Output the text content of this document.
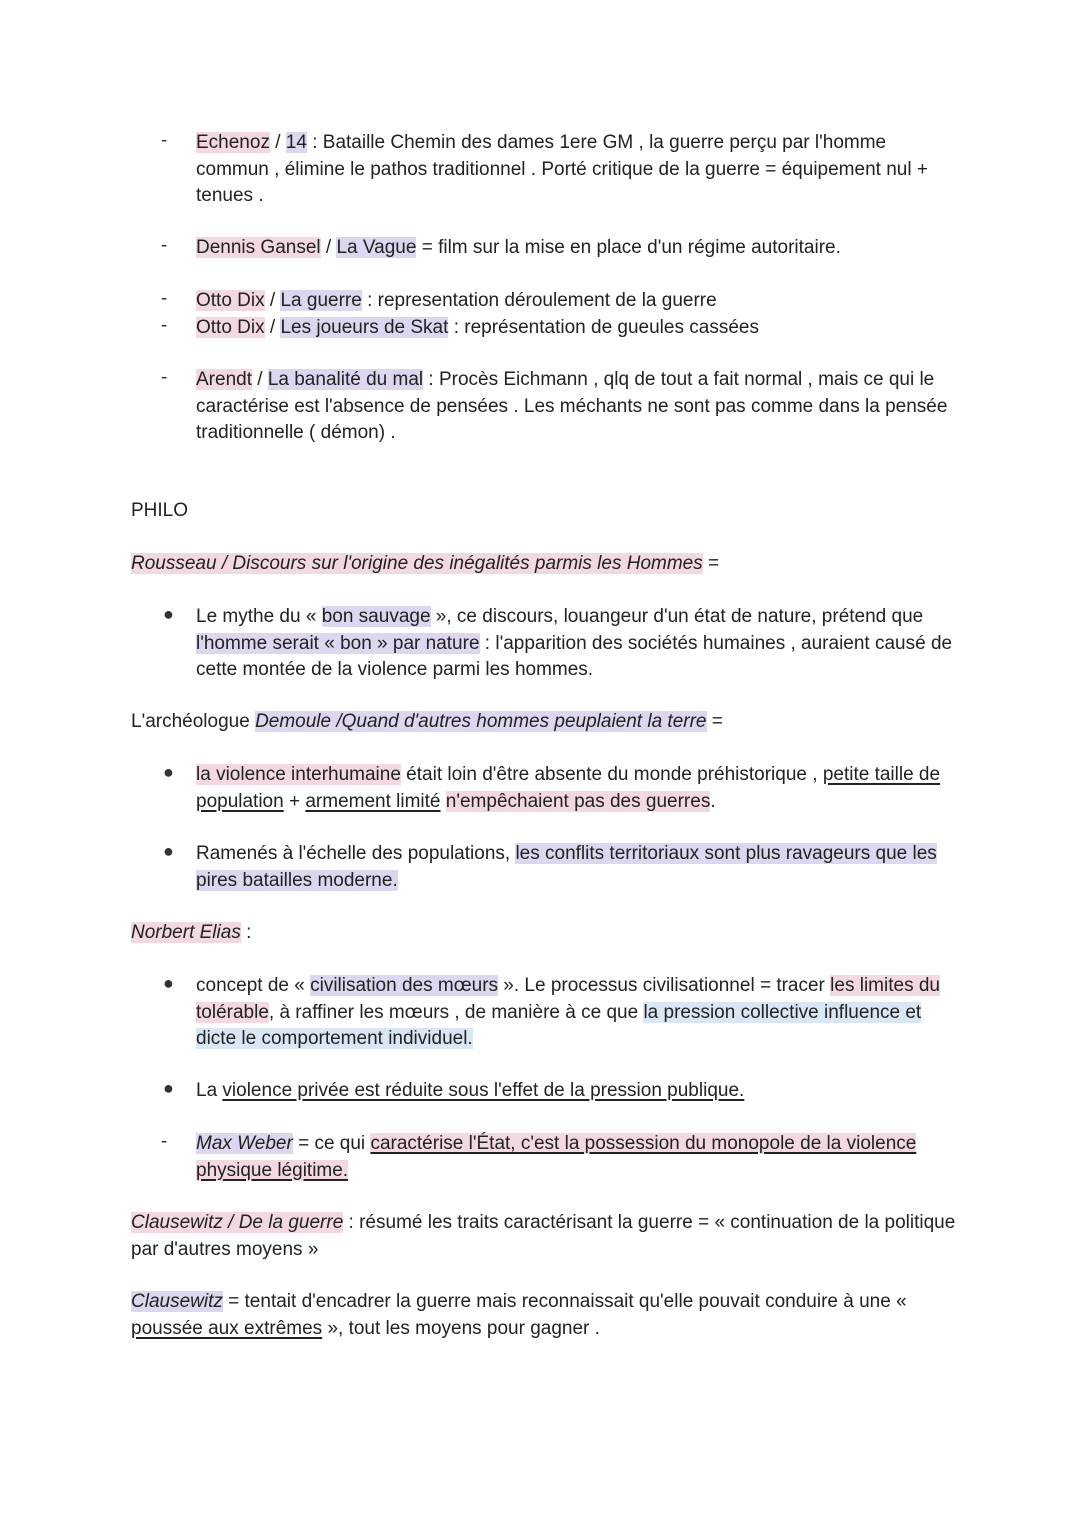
- Echenoz / 14 : Bataille Chemin des dames 1ere GM , la guerre perçu par l'homme commun , élimine le pathos traditionnel . Porté critique de la guerre = équipement nul + tenues .
- Dennis Gansel / La Vague = film sur la mise en place d'un régime autoritaire.
- Otto Dix / La guerre : representation déroulement de la guerre
- Otto Dix / Les joueurs de Skat : représentation de gueules cassées
- Arendt / La banalité du mal : Procès Eichmann , qlq de tout a fait normal , mais ce qui le caractérise est l'absence de pensées . Les méchants ne sont pas comme dans la pensée traditionnelle ( démon) .
PHILO
Rousseau / Discours sur l'origine des inégalités parmis les Hommes =
● Le mythe du « bon sauvage », ce discours, louangeur d'un état de nature, prétend que l'homme serait « bon » par nature : l'apparition des sociétés humaines , auraient causé de cette montée de la violence parmi les hommes.
L'archéologue Demoule /Quand d'autres hommes peuplaient la terre =
● la violence interhumaine était loin d'être absente du monde préhistorique , petite taille de population + armement limité n'empêchaient pas des guerres.
● Ramenés à l'échelle des populations, les conflits territoriaux sont plus ravageurs que les pires batailles moderne.
Norbert Elias :
● concept de « civilisation des mœurs ». Le processus civilisationnel = tracer les limites du tolérable, à raffiner les mœurs , de manière à ce que la pression collective influence et dicte le comportement individuel.
● La violence privée est réduite sous l'effet de la pression publique.
- Max Weber = ce qui caractérise l'État, c'est la possession du monopole de la violence physique légitime.
Clausewitz / De la guerre : résumé les traits caractérisant la guerre = « continuation de la politique par d'autres moyens »
Clausewitz = tentait d'encadrer la guerre mais reconnaissait qu'elle pouvait conduire à une « poussée aux extrêmes », tout les moyens pour gagner .
